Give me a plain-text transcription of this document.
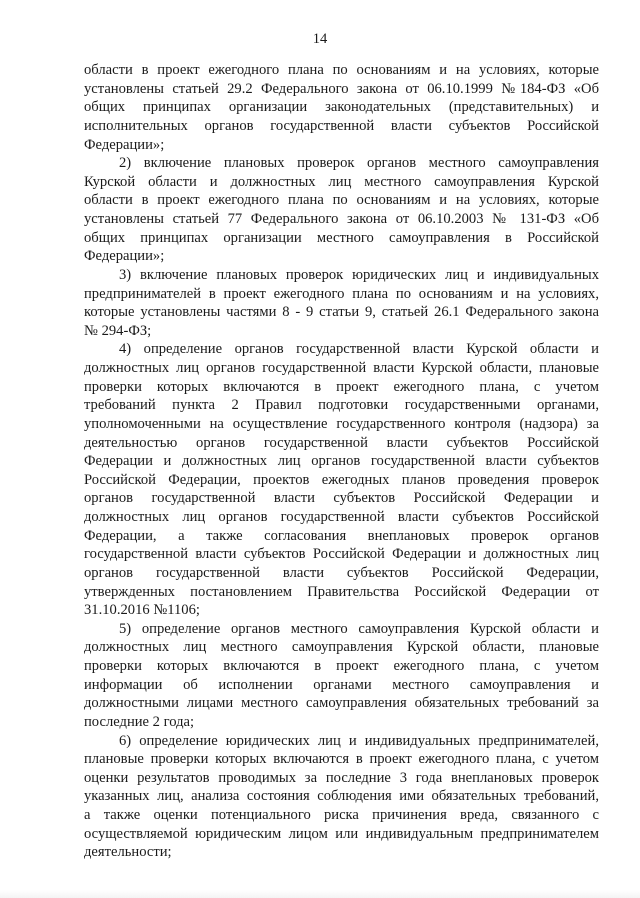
14

области в проект ежегодного плана по основаниям и на условиях, которые
установлены статьей 29.2 Федерального закона от 06.10.1999 №184-ФЗ «Об
общих принципах организации законодательных (представительных) и
исполнительных органов государственной власти субъектов Российской
Федерации»;

2) включение плановых проверок органов местного самоуправления
Курской области и должностных лиц местного самоуправления Курской
области в проект ежегодного плана по основаниям и на условиях, которые
установлены статьей 77 Федерального закона от 06.10.2003 № 131-ФЗ «Об
общих принципах организации местного самоуправления в Российской
Федерации»;

3) включение плановых проверок юридических лиц и индивидуальных
предпринимателей в проект ежегодного плана по основаниям и на условиях,
которые установлены частями 8 - 9 статьи 9, статьей 26.1 Федерального закона
№ 294-ФЗ;

4) определение органов государственной власти Курской области и
должностных лиц органов государственной власти Курской области, плановые
проверки которых включаются в проект ежегодного плана, с учетом
требований пункта 2 Правил подготовки государственными органами,
уполномоченными на осуществление государственного контроля (надзора) за
деятельностью органов государственной власти субъектов Российской
Федерации и должностных лиц органов государственной власти субъектов
Российской Федерации, проектов ежегодных планов проведения проверок
органов государственной власти субъектов Российской Федерации и
должностных лиц органов государственной власти субъектов Российской
Федерации, а также согласования внеплановых проверок органов
государственной власти субъектов Российской Федерации и должностных лиц
органов государственной власти субъектов Российской Федерации,
утвержденных постановлением Правительства Российской Федерации от
31.10.2016 №1106;

5) определение органов местного самоуправления Курской области и
должностных лиц местного самоуправления Курской области, плановые
проверки которых включаются в проект ежегодного плана, с учетом
информации об исполнении органами местного самоуправления и
должностными лицами местного самоуправления обязательных требований за
последние 2 года;

6) определение юридических лиц и индивидуальных предпринимателей,
плановые проверки которых включаются в проект ежегодного плана, с учетом
оценки результатов проводимых за последние 3 года внеплановых проверок
указанных лиц, анализа состояния соблюдения ими обязательных требований,
а также оценки потенциального риска причинения вреда, связанного с
осуществляемой юридическим лицом или индивидуальным предпринимателем
деятельности;
